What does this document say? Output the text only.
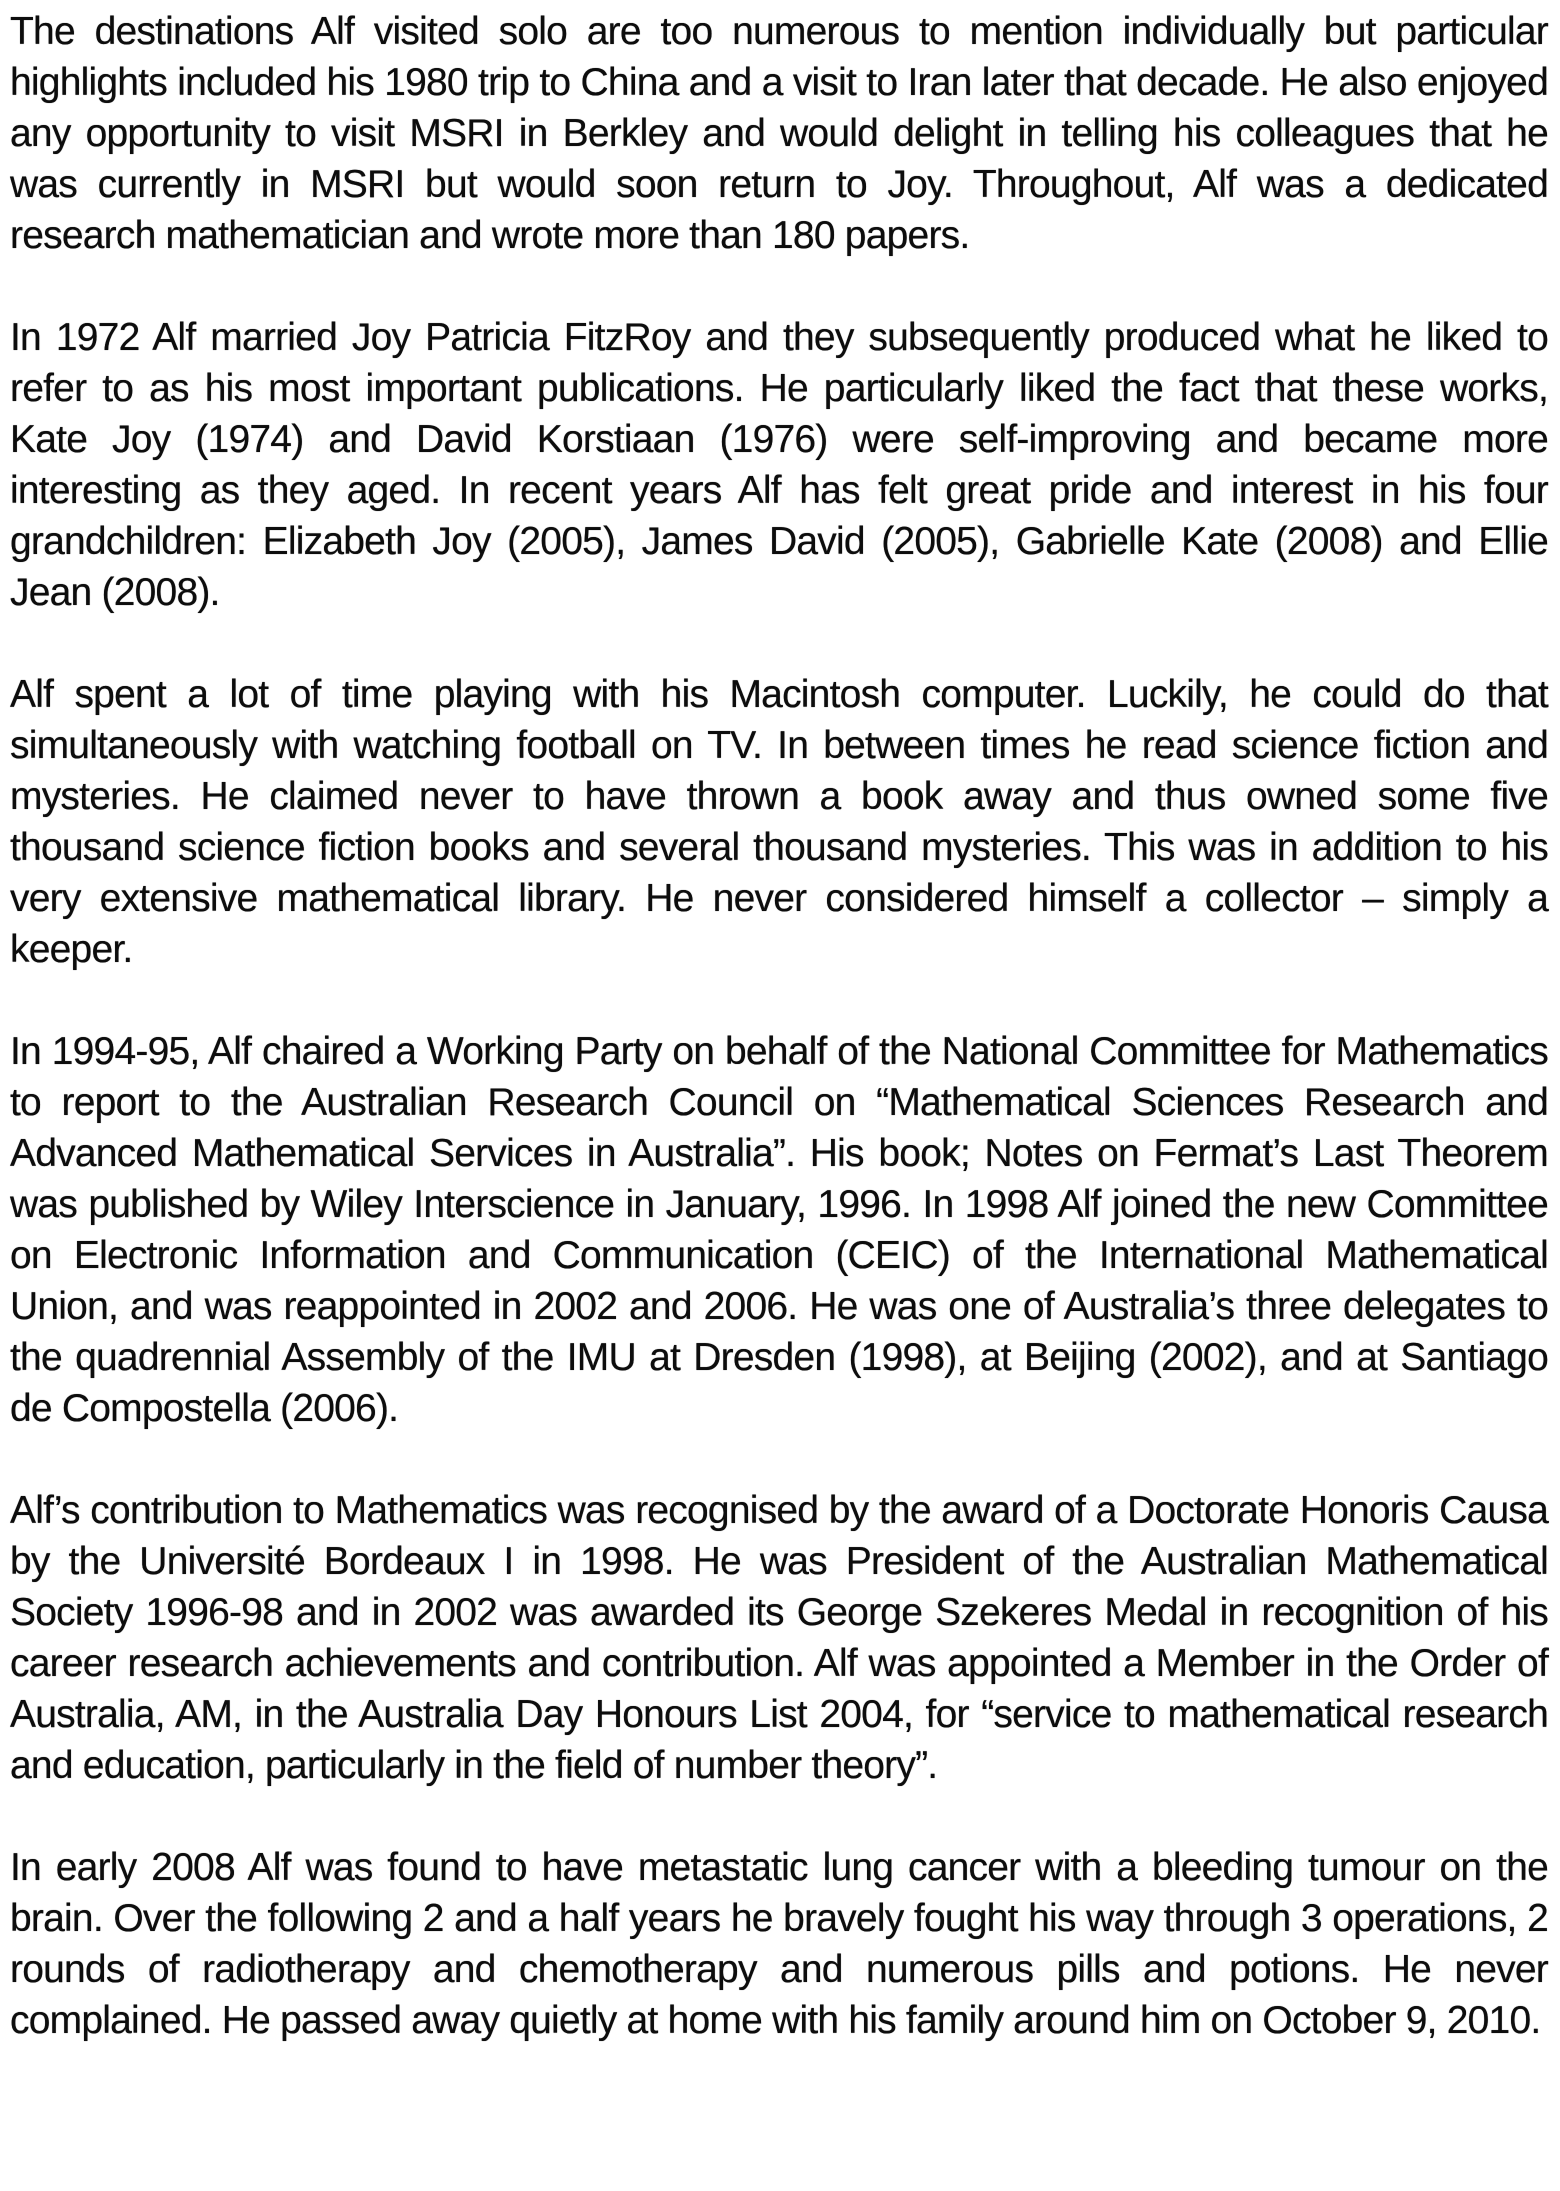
The destinations Alf visited solo are too numerous to mention individually but particular highlights included his 1980 trip to China and a visit to Iran later that decade. He also enjoyed any opportunity to visit MSRI in Berkley and would delight in telling his colleagues that he was currently in MSRI but would soon return to Joy. Throughout, Alf was a dedicated research mathematician and wrote more than 180 papers.

In 1972 Alf married Joy Patricia FitzRoy and they subsequently produced what he liked to refer to as his most important publications. He particularly liked the fact that these works, Kate Joy (1974) and David Korstiaan (1976) were self-improving and became more interesting as they aged. In recent years Alf has felt great pride and interest in his four grandchildren: Elizabeth Joy (2005), James David (2005), Gabrielle Kate (2008) and Ellie Jean (2008).

Alf spent a lot of time playing with his Macintosh computer. Luckily, he could do that simultaneously with watching football on TV. In between times he read science fiction and mysteries. He claimed never to have thrown a book away and thus owned some five thousand science fiction books and several thousand mysteries. This was in addition to his very extensive mathematical library. He never considered himself a collector – simply a keeper.

In 1994-95, Alf chaired a Working Party on behalf of the National Committee for Mathematics to report to the Australian Research Council on “Mathematical Sciences Research and Advanced Mathematical Services in Australia”. His book; Notes on Fermat’s Last Theorem was published by Wiley Interscience in January, 1996. In 1998 Alf joined the new Committee on Electronic Information and Communication (CEIC) of the International Mathematical Union, and was reappointed in 2002 and 2006. He was one of Australia’s three delegates to the quadrennial Assembly of the IMU at Dresden (1998), at Beijing (2002), and at Santiago de Compostella (2006).

Alf’s contribution to Mathematics was recognised by the award of a Doctorate Honoris Causa by the Université Bordeaux I in 1998. He was President of the Australian Mathematical Society 1996-98 and in 2002 was awarded its George Szekeres Medal in recognition of his career research achievements and contribution. Alf was appointed a Member in the Order of Australia, AM, in the Australia Day Honours List 2004, for “service to mathematical research and education, particularly in the field of number theory”.

In early 2008 Alf was found to have metastatic lung cancer with a bleeding tumour on the brain. Over the following 2 and a half years he bravely fought his way through 3 operations, 2 rounds of radiotherapy and chemotherapy and numerous pills and potions. He never complained. He passed away quietly at home with his family around him on October 9, 2010.
